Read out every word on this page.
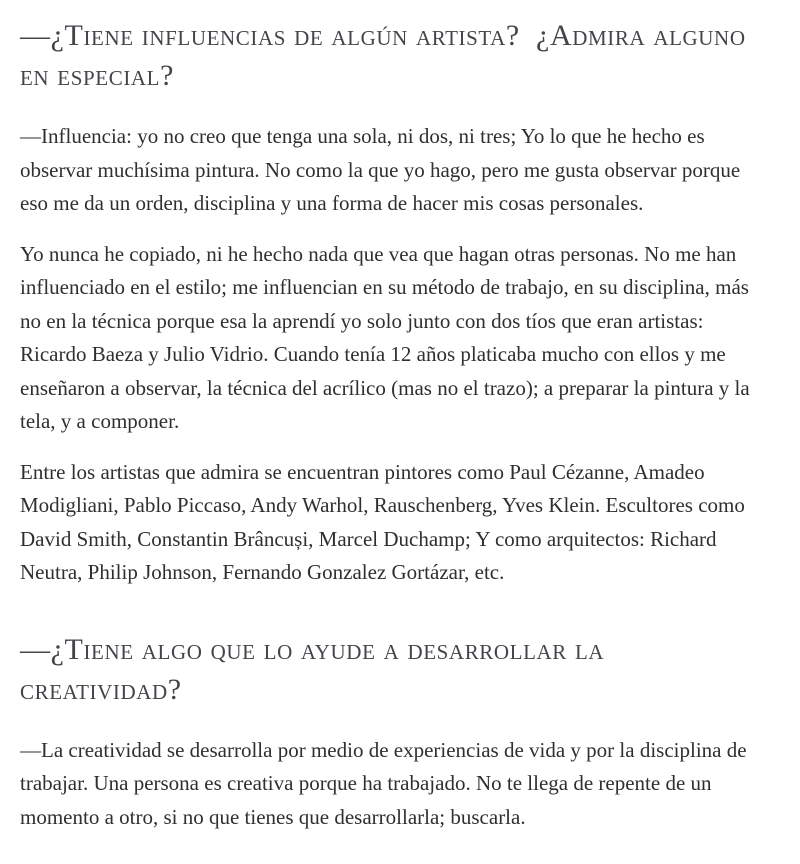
—¿Tiene influencias de algún artista?  ¿Admira alguno en especial?

—Influencia: yo no creo que tenga una sola, ni dos, ni tres; Yo lo que he hecho es observar muchísima pintura. No como la que yo hago, pero me gusta observar porque eso me da un orden, disciplina y una forma de hacer mis cosas personales.

Yo nunca he copiado, ni he hecho nada que vea que hagan otras personas. No me han influenciado en el estilo; me influencian en su método de trabajo, en su disciplina, más no en la técnica porque esa la aprendí yo solo junto con dos tíos que eran artistas: Ricardo Baeza y Julio Vidrio. Cuando tenía 12 años platicaba mucho con ellos y me enseñaron a observar, la técnica del acrílico (mas no el trazo); a preparar la pintura y la tela, y a componer.

Entre los artistas que admira se encuentran pintores como Paul Cézanne, Amadeo Modigliani, Pablo Piccaso, Andy Warhol, Rauschenberg, Yves Klein. Escultores como David Smith, Constantin Brâncuși, Marcel Duchamp; Y como arquitectos: Richard Neutra, Philip Johnson, Fernando Gonzalez Gortázar, etc.

—¿Tiene algo que lo ayude a desarrollar la creatividad?

—La creatividad se desarrolla por medio de experiencias de vida y por la disciplina de trabajar. Una persona es creativa porque ha trabajado. No te llega de repente de un momento a otro, si no que tienes que desarrollarla; buscarla.
